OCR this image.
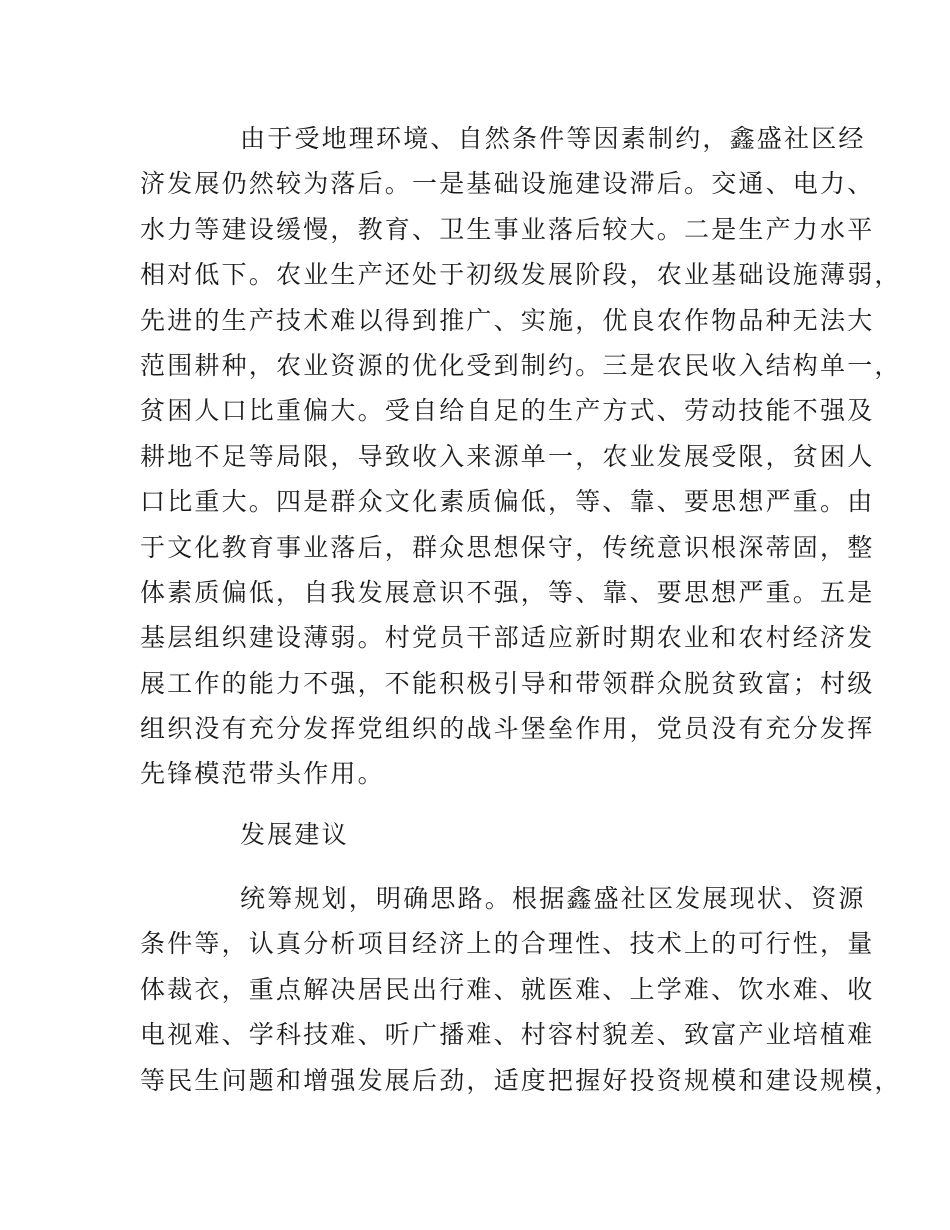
由于受地理环境、自然条件等因素制约，鑫盛社区经
济发展仍然较为落后。一是基础设施建设滞后。交通、电力、
水力等建设缓慢，教育、卫生事业落后较大。二是生产力水平
相对低下。农业生产还处于初级发展阶段，农业基础设施薄弱，
先进的生产技术难以得到推广、实施，优良农作物品种无法大
范围耕种，农业资源的优化受到制约。三是农民收入结构单一，
贫困人口比重偏大。受自给自足的生产方式、劳动技能不强及
耕地不足等局限，导致收入来源单一，农业发展受限，贫困人
口比重大。四是群众文化素质偏低，等、靠、要思想严重。由
于文化教育事业落后，群众思想保守，传统意识根深蒂固，整
体素质偏低，自我发展意识不强，等、靠、要思想严重。五是
基层组织建设薄弱。村党员干部适应新时期农业和农村经济发
展工作的能力不强，不能积极引导和带领群众脱贫致富；村级
组织没有充分发挥党组织的战斗堡垒作用，党员没有充分发挥
先锋模范带头作用。
发展建议
统筹规划，明确思路。根据鑫盛社区发展现状、资源
条件等，认真分析项目经济上的合理性、技术上的可行性，量
体裁衣，重点解决居民出行难、就医难、上学难、饮水难、收
电视难、学科技难、听广播难、村容村貌差、致富产业培植难
等民生问题和增强发展后劲，适度把握好投资规模和建设规模，
